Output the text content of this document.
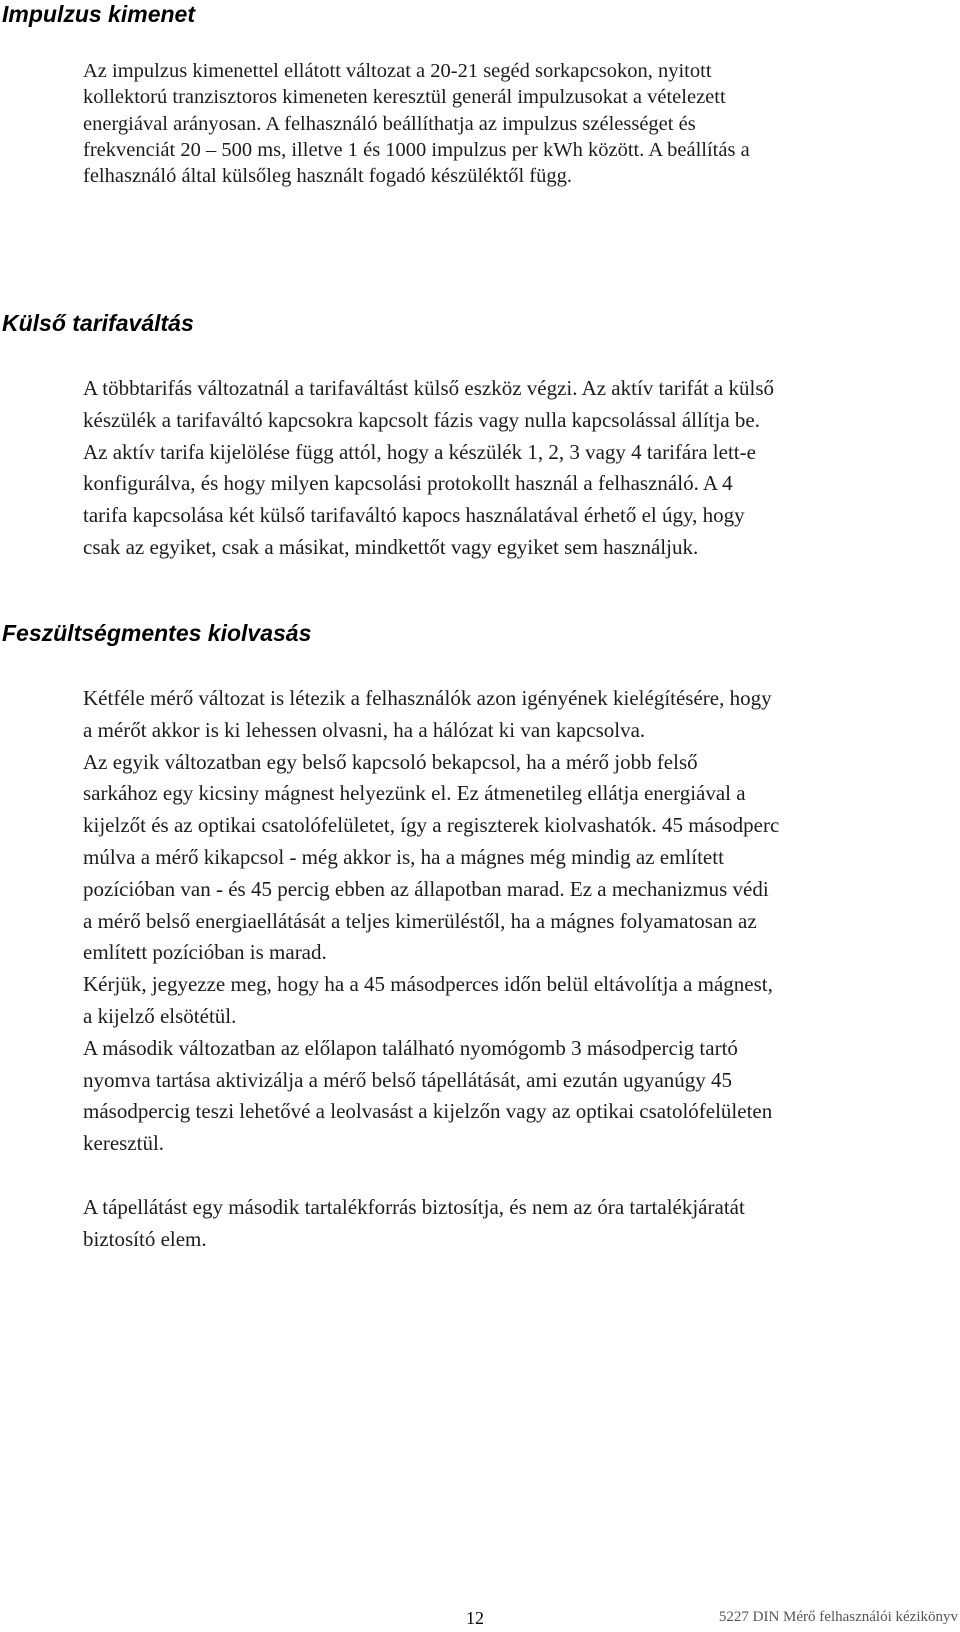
Impulzus kimenet
Az impulzus kimenettel ellátott változat a 20-21 segéd sorkapcsokon, nyitott
kollektorú tranzisztoros kimeneten keresztül generál impulzusokat a vételezett
energiával arányosan. A felhasználó beállíthatja az impulzus szélességet és
frekvenciát 20 – 500 ms, illetve 1 és 1000 impulzus per kWh között. A beállítás a
felhasználó által külsőleg használt fogadó készüléktől függ.
Külső tarifaváltás
A többtarifás változatnál a tarifaváltást külső eszköz végzi. Az aktív tarifát a külső
készülék a tarifaváltó kapcsokra kapcsolt fázis vagy nulla kapcsolással állítja be.
Az aktív tarifa kijelölése függ attól, hogy a készülék 1, 2, 3 vagy 4 tarifára lett-e
konfigurálva, és hogy milyen kapcsolási protokollt használ a felhasználó. A 4
tarifa kapcsolása két külső tarifaváltó kapocs használatával érhető el úgy, hogy
csak az egyiket, csak a másikat, mindkettőt vagy egyiket sem használjuk.
Feszültségmentes kiolvasás
Kétféle mérő változat is létezik a felhasználók azon igényének kielégítésére, hogy
a mérőt akkor is ki lehessen olvasni, ha a hálózat ki van kapcsolva.
Az egyik változatban egy belső kapcsoló bekapcsol, ha a mérő jobb felső
sarkához egy kicsiny mágnest helyezünk el. Ez átmenetileg ellátja energiával a
kijelzőt és az optikai csatolófelületet, így a regiszterek kiolvashatók. 45 másodperc
múlva a mérő kikapcsol - még akkor is, ha a mágnes még mindig az említett
pozícióban van - és 45 percig ebben az állapotban marad. Ez a mechanizmus védi
a mérő belső energiaellátását a teljes kimerüléstől, ha a mágnes folyamatosan az
említett pozícióban is marad.
Kérjük, jegyezze meg, hogy ha a 45 másodperces időn belül eltávolítja a mágnest,
a kijelző elsötétül.
A második változatban az előlapon található nyomógomb 3 másodpercig tartó
nyomva tartása aktivizálja a mérő belső tápellátását, ami ezután ugyanúgy 45
másodpercig teszi lehetővé a leolvasást a kijelzőn vagy az optikai csatolófelületen
keresztül.
A tápellátást egy második tartalékforrás biztosítja, és nem az óra tartalékjáratát
biztosító elem.
12	5227 DIN Mérő felhasználói kézikönyv
